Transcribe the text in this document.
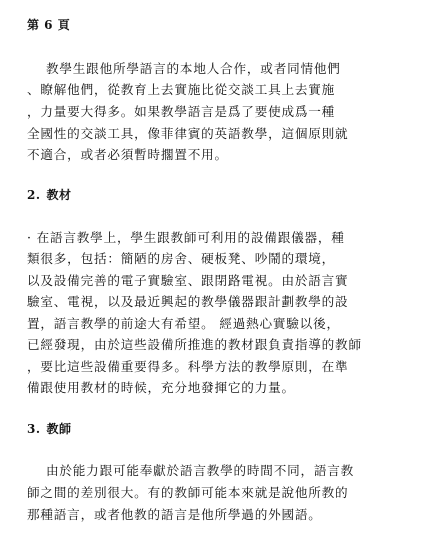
第 6 頁
教學生跟他所學語言的本地人合作，或者同情他們
、瞭解他們，從教育上去實施比從交談工具上去實施
，力量要大得多。如果教學語言是爲了要使成爲一種
全國性的交談工具，像菲律賓的英語教學，這個原則就
不適合，或者必須暫時擱置不用。
2. 教材
· 在語言教學上，學生跟教師可利用的設備跟儀器，種
類很多，包括：簡陋的房舍、硬板凳、吵鬧的環境，
以及設備完善的電子實驗室、跟閉路電視。由於語言實
驗室、電視，以及最近興起的教學儀器跟計劃教學的設
置，語言教學的前途大有希望。 經過熱心實驗以後，
已經發現，由於這些設備所推進的教材跟負責指導的教師
，要比這些設備重要得多。科學方法的教學原則，在準
備跟使用教材的時候，充分地發揮它的力量。
3. 教師
由於能力跟可能奉獻於語言教學的時間不同，語言教
師之間的差別很大。有的教師可能本來就是說他所教的
那種語言，或者他教的語言是他所學過的外國語。
